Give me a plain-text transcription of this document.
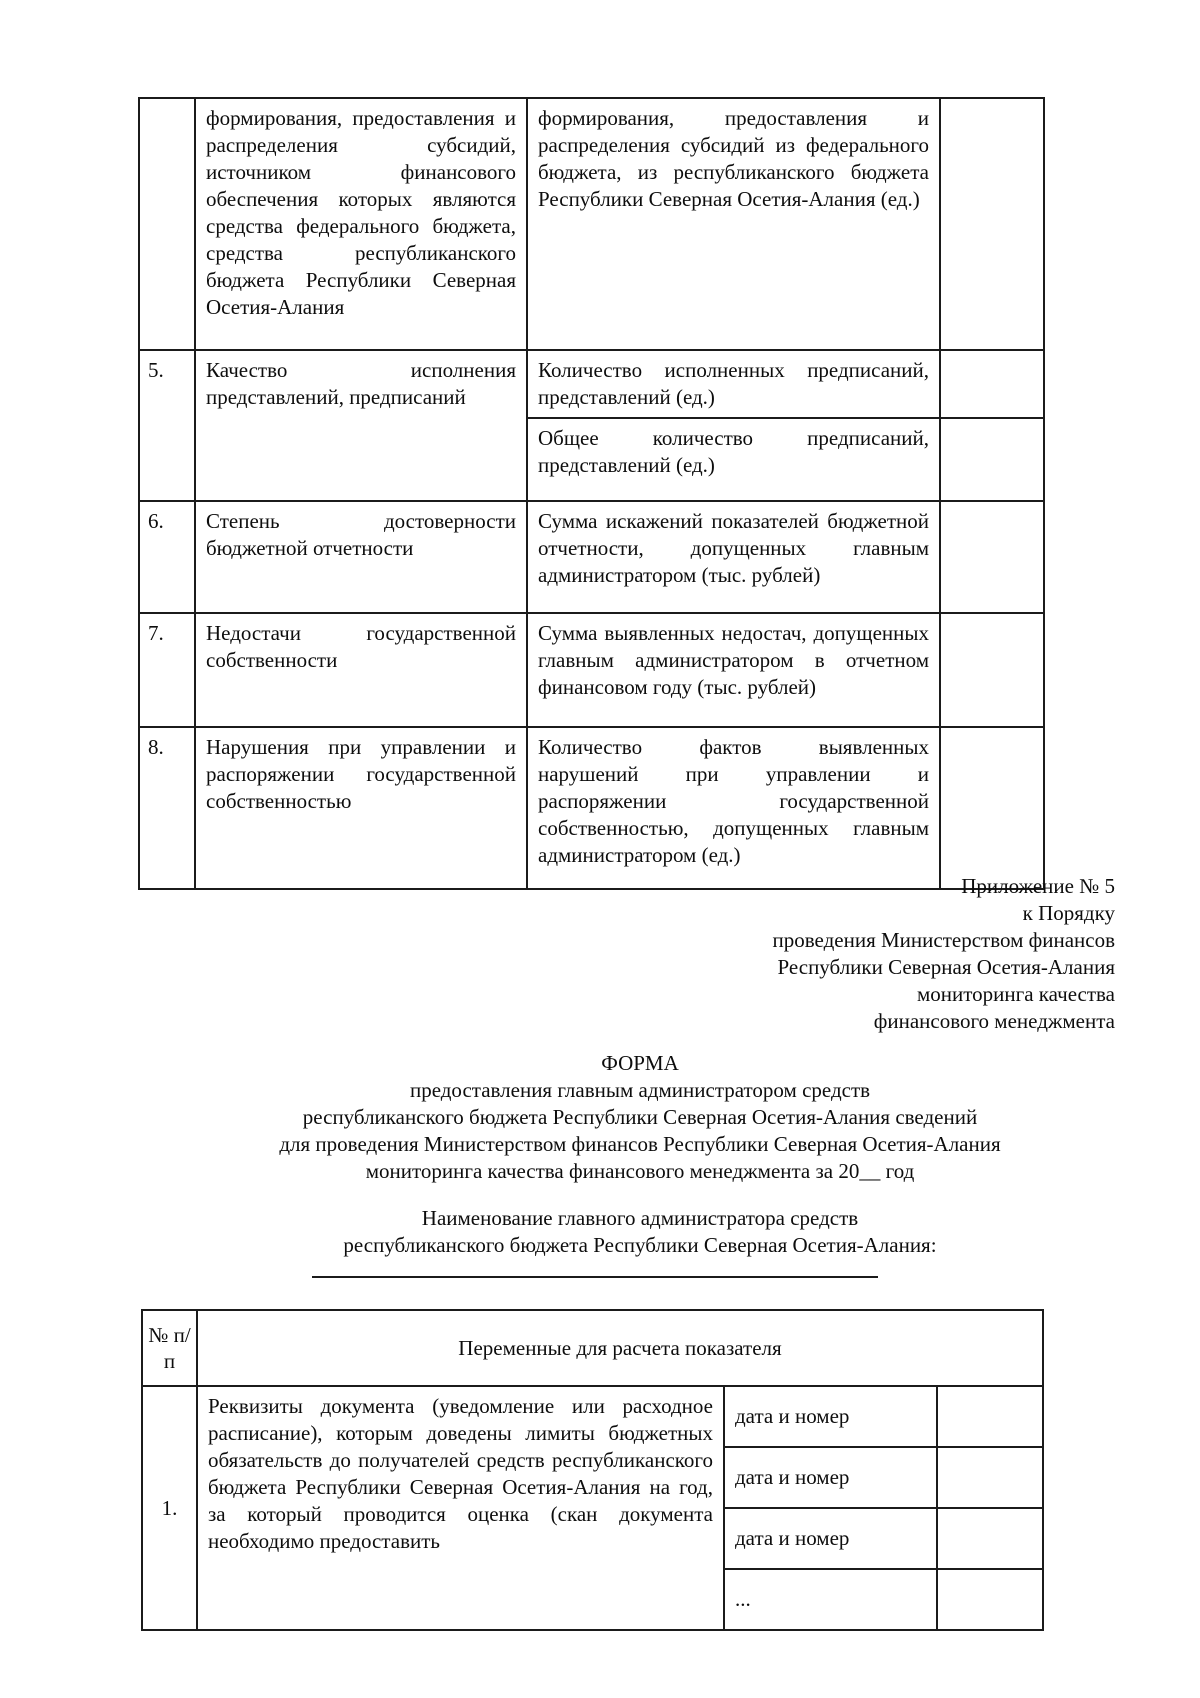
	формирования, предоставления и распределения субсидий, источником финансового обеспечения которых являются средства федерального бюджета, средства республиканского бюджета Республики Северная Осетия-Алания	формирования, предоставления и распределения субсидий из федерального бюджета, из республиканского бюджета Республики Северная Осетия-Алания (ед.)	
5.	Качество исполнения представлений, предписаний	Количество исполненных предписаний, представлений (ед.)	
		Общее количество предписаний, представлений (ед.)	
6.	Степень достоверности бюджетной отчетности	Сумма искажений показателей бюджетной отчетности, допущенных главным администратором (тыс. рублей)	
7.	Недостачи государственной собственности	Сумма выявленных недостач, допущенных главным администратором в отчетном финансовом году (тыс. рублей)	
8.	Нарушения при управлении и распоряжении государственной собственностью	Количество фактов выявленных нарушений при управлении и распоряжении государственной собственностью, допущенных главным администратором (ед.)	
Приложение № 5
к Порядку
проведения Министерством финансов
Республики Северная Осетия-Алания
мониторинга качества
финансового менеджмента
ФОРМА
предоставления главным администратором средств
республиканского бюджета Республики Северная Осетия-Алания сведений
для проведения Министерством финансов Республики Северная Осетия-Алания
мониторинга качества финансового менеджмента за 20__ год
Наименование главного администратора средств
республиканского бюджета Республики Северная Осетия-Алания:
№ п/п	Переменные для расчета показателя		
1.	Реквизиты документа (уведомление или расходное расписание), которым доведены лимиты бюджетных обязательств до получателей средств республиканского бюджета Республики Северная Осетия-Алания на год, за который проводится оценка (скан документа необходимо предоставить	дата и номер	
		дата и номер	
		дата и номер	
		...	
